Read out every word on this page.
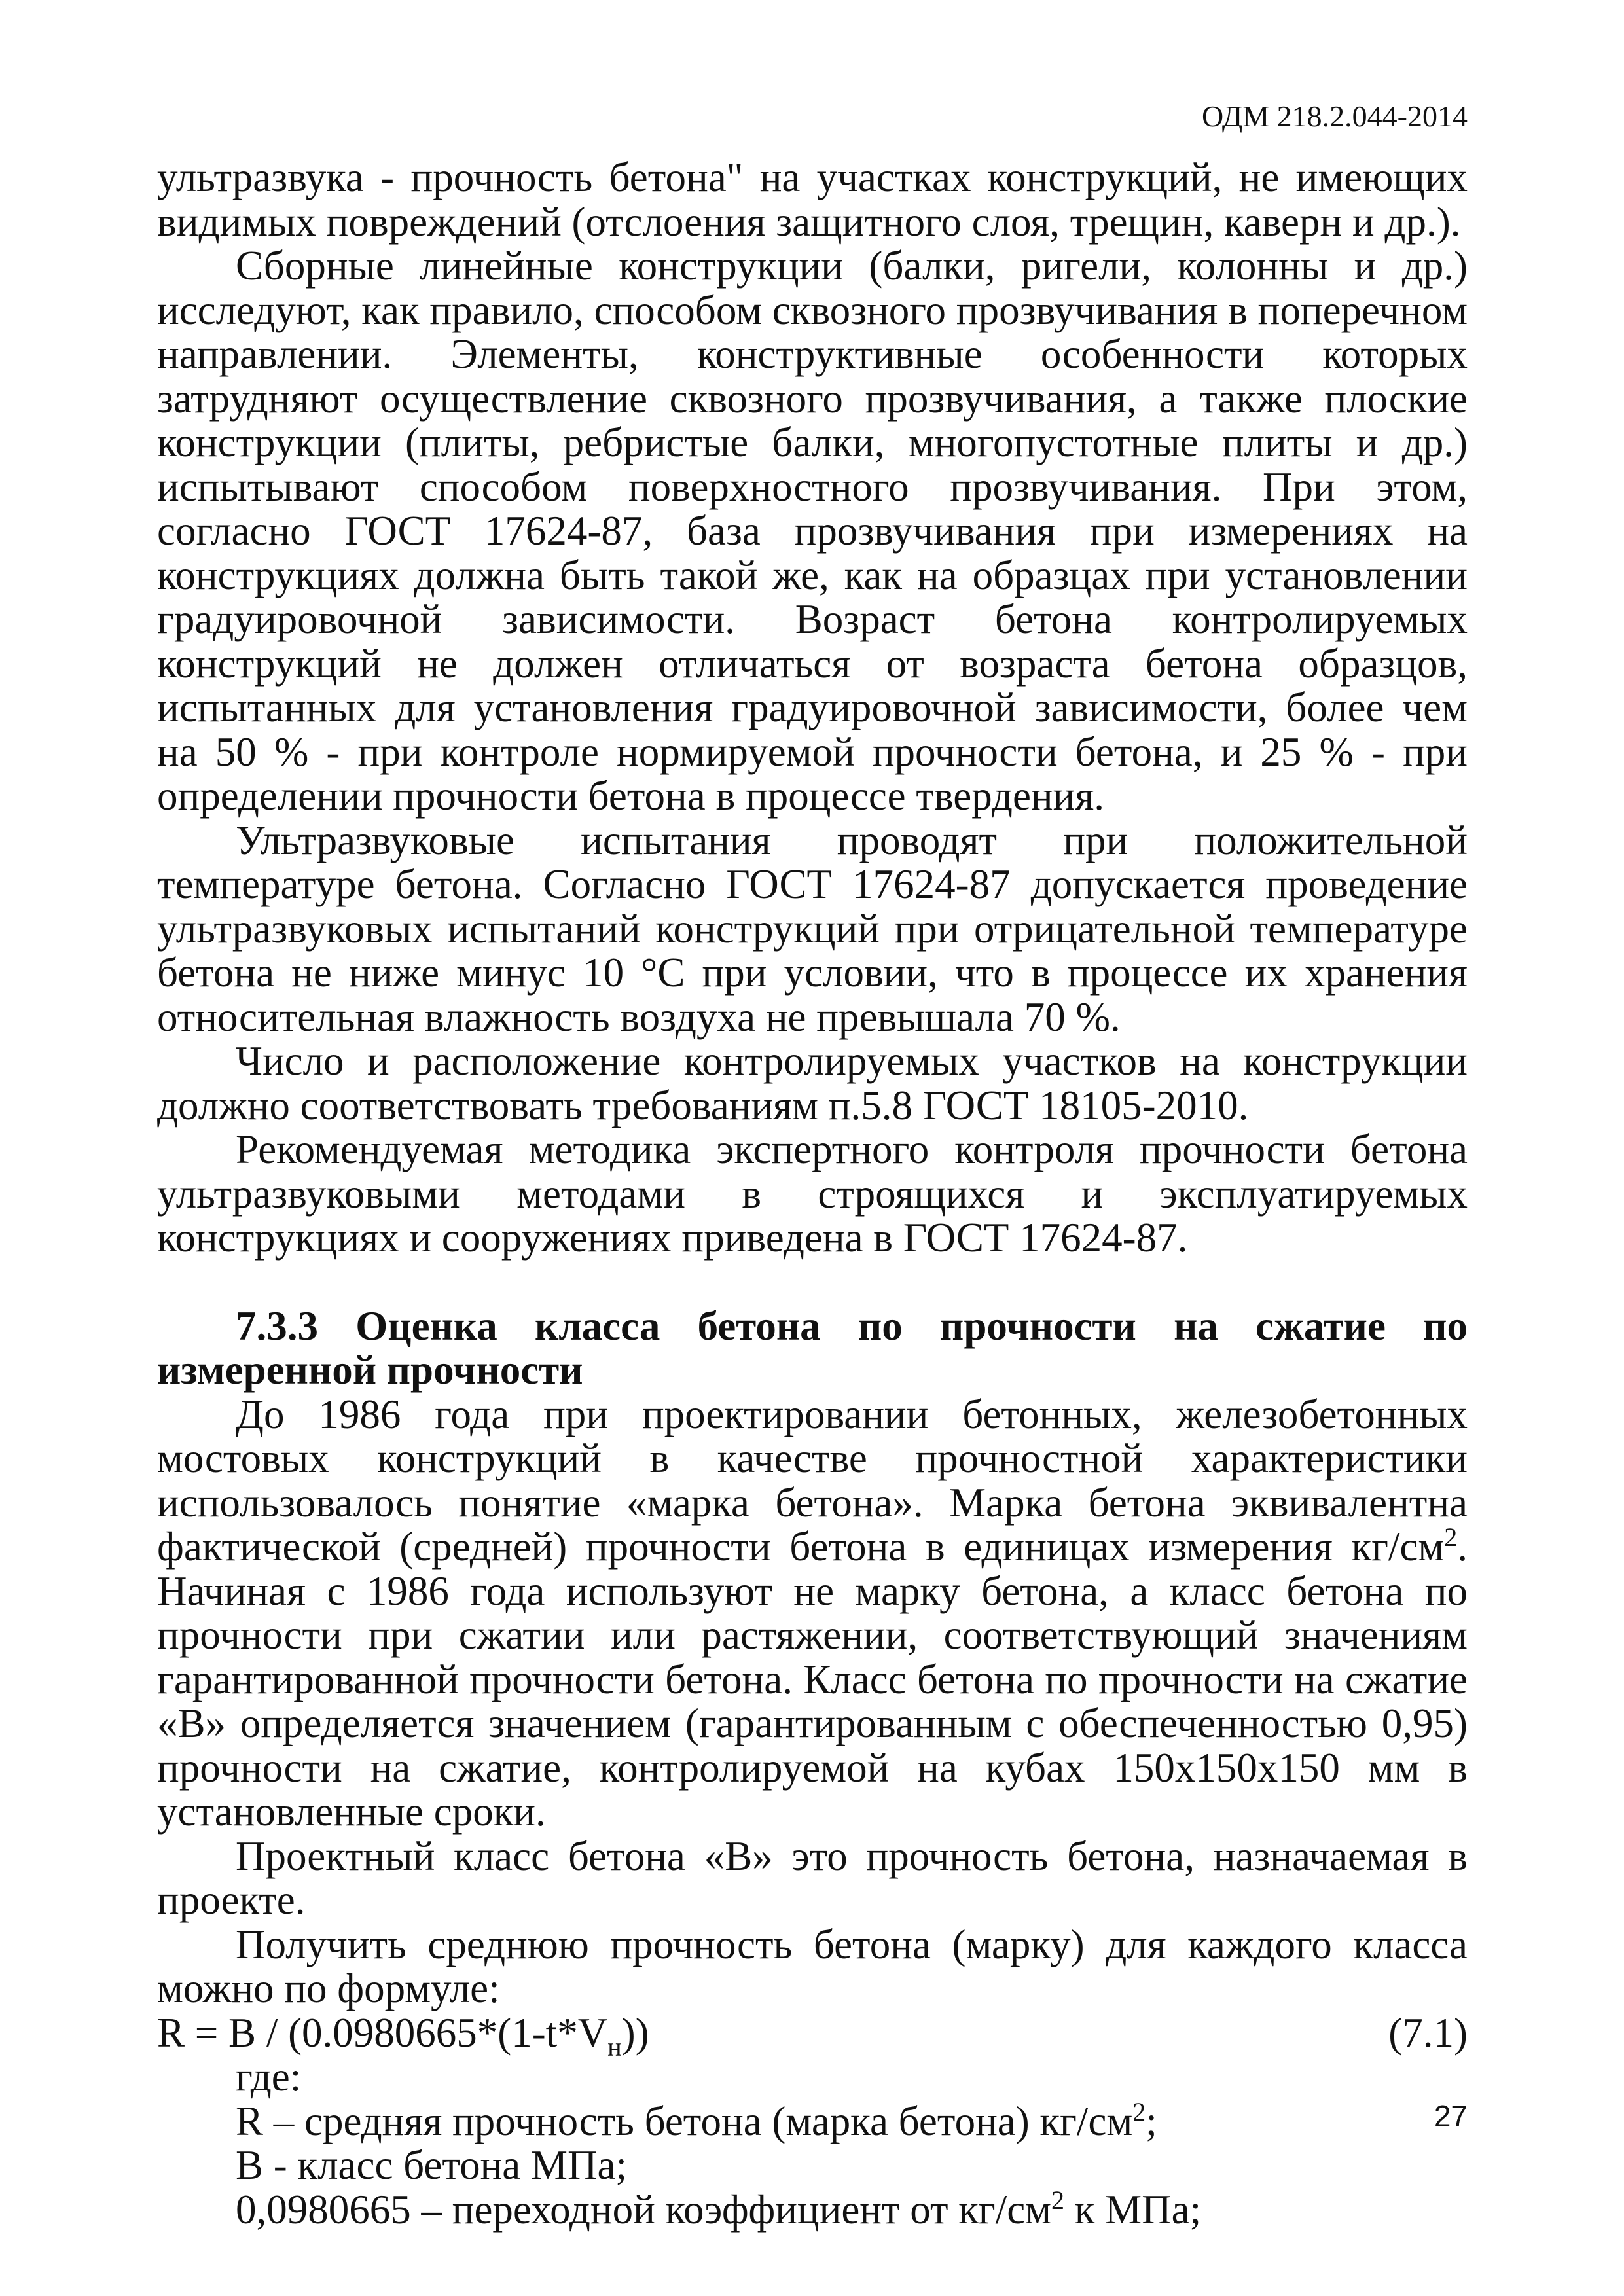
ОДМ 218.2.044-2014

ультразвука - прочность бетона" на участках конструкций, не имеющих видимых повреждений (отслоения защитного слоя, трещин, каверн и др.).

Сборные линейные конструкции (балки, ригели, колонны и др.) исследуют, как правило, способом сквозного прозвучивания в поперечном направлении. Элементы, конструктивные особенности которых затрудняют осуществление сквозного прозвучивания, а также плоские конструкции (плиты, ребристые балки, многопустотные плиты и др.) испытывают способом поверхностного прозвучивания. При этом, согласно ГОСТ 17624-87, база прозвучивания при измерениях на конструкциях должна быть такой же, как на образцах при установлении градуировочной зависимости. Возраст бетона контролируемых конструкций не должен отличаться от возраста бетона образцов, испытанных для установления градуировочной зависимости, более чем на 50 % - при контроле нормируемой прочности бетона, и 25 % - при определении прочности бетона в процессе твердения.

Ультразвуковые испытания проводят при положительной температуре бетона. Согласно ГОСТ 17624-87 допускается проведение ультразвуковых испытаний конструкций при отрицательной температуре бетона не ниже минус 10 °С при условии, что в процессе их хранения относительная влажность воздуха не превышала 70 %.

Число и расположение контролируемых участков на конструкции должно соответствовать требованиям п.5.8 ГОСТ 18105-2010.

Рекомендуемая методика экспертного контроля прочности бетона ультразвуковыми методами в строящихся и эксплуатируемых конструкциях и сооружениях приведена в ГОСТ 17624-87.

7.3.3 Оценка класса бетона по прочности на сжатие по измеренной прочности

До 1986 года при проектировании бетонных, железобетонных мостовых конструкций в качестве прочностной характеристики использовалось понятие «марка бетона». Марка бетона эквивалентна фактической (средней) прочности бетона в единицах измерения $кг/см^2$. Начиная с 1986 года используют не марку бетона, а класс бетона по прочности при сжатии или растяжении, соответствующий значениям гарантированной прочности бетона. Класс бетона по прочности на сжатие «В» определяется значением (гарантированным с обеспеченностью 0,95) прочности на сжатие, контролируемой на кубах 150х150х150 мм в установленные сроки.

Проектный класс бетона «В» это прочность бетона, назначаемая в проекте.

Получить среднюю прочность бетона (марку) для каждого класса можно по формуле:

$R = B / (0.0980665*(1-t*V_н))$	(7.1)

где:

R – средняя прочность бетона (марка бетона) $кг/см^2$;

В - класс бетона МПа;

0,0980665 – переходной коэффициент от $кг/см^2$ к МПа;

27
